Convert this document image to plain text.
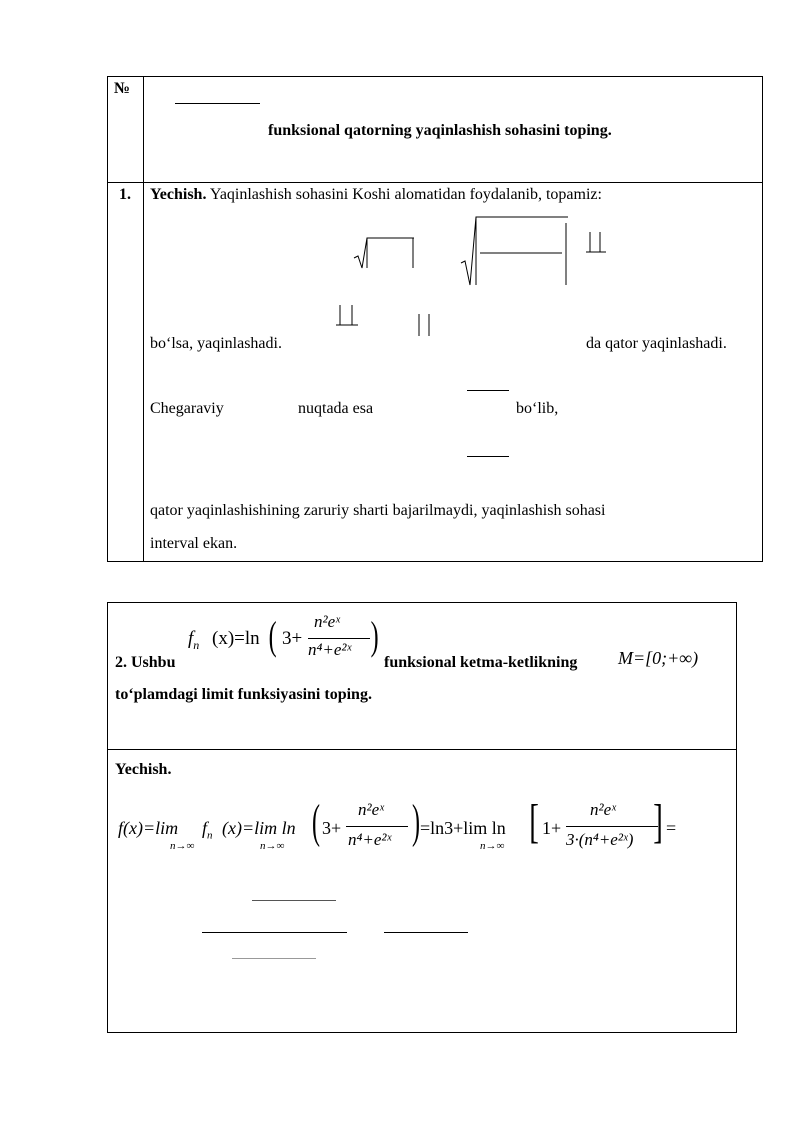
№
funksional qatorning yaqinlashish sohasini toping.
1. Yechish. Yaqinlashish sohasini Koshi alomatidan foydalanib, topamiz:
bo‘lsa, yaqinlashadi.	da qator yaqinlashadi.
Chegaraviy	nuqtada esa	bo‘lib,
qator yaqinlashishining zaruriy sharti bajarilmaydi, yaqinlashish sohasi
interval ekan.
$f_n$ (x)=ln ( 3+
n²eˣ
n⁴+e²ˣ )
2. Ushbu	funksional ketma-ketlikning M=[0;+∞)
to‘plamdagi limit funksiyasini toping.
Yechish.
f(x)=lim
n→∞
$f_n$ (x)=lim ln
n→∞ ( 3+
n²eˣ
n⁴+e²ˣ ) =ln3+lim ln
n→∞ [ 1+
n²eˣ
3·(n⁴+e²ˣ) ] =
